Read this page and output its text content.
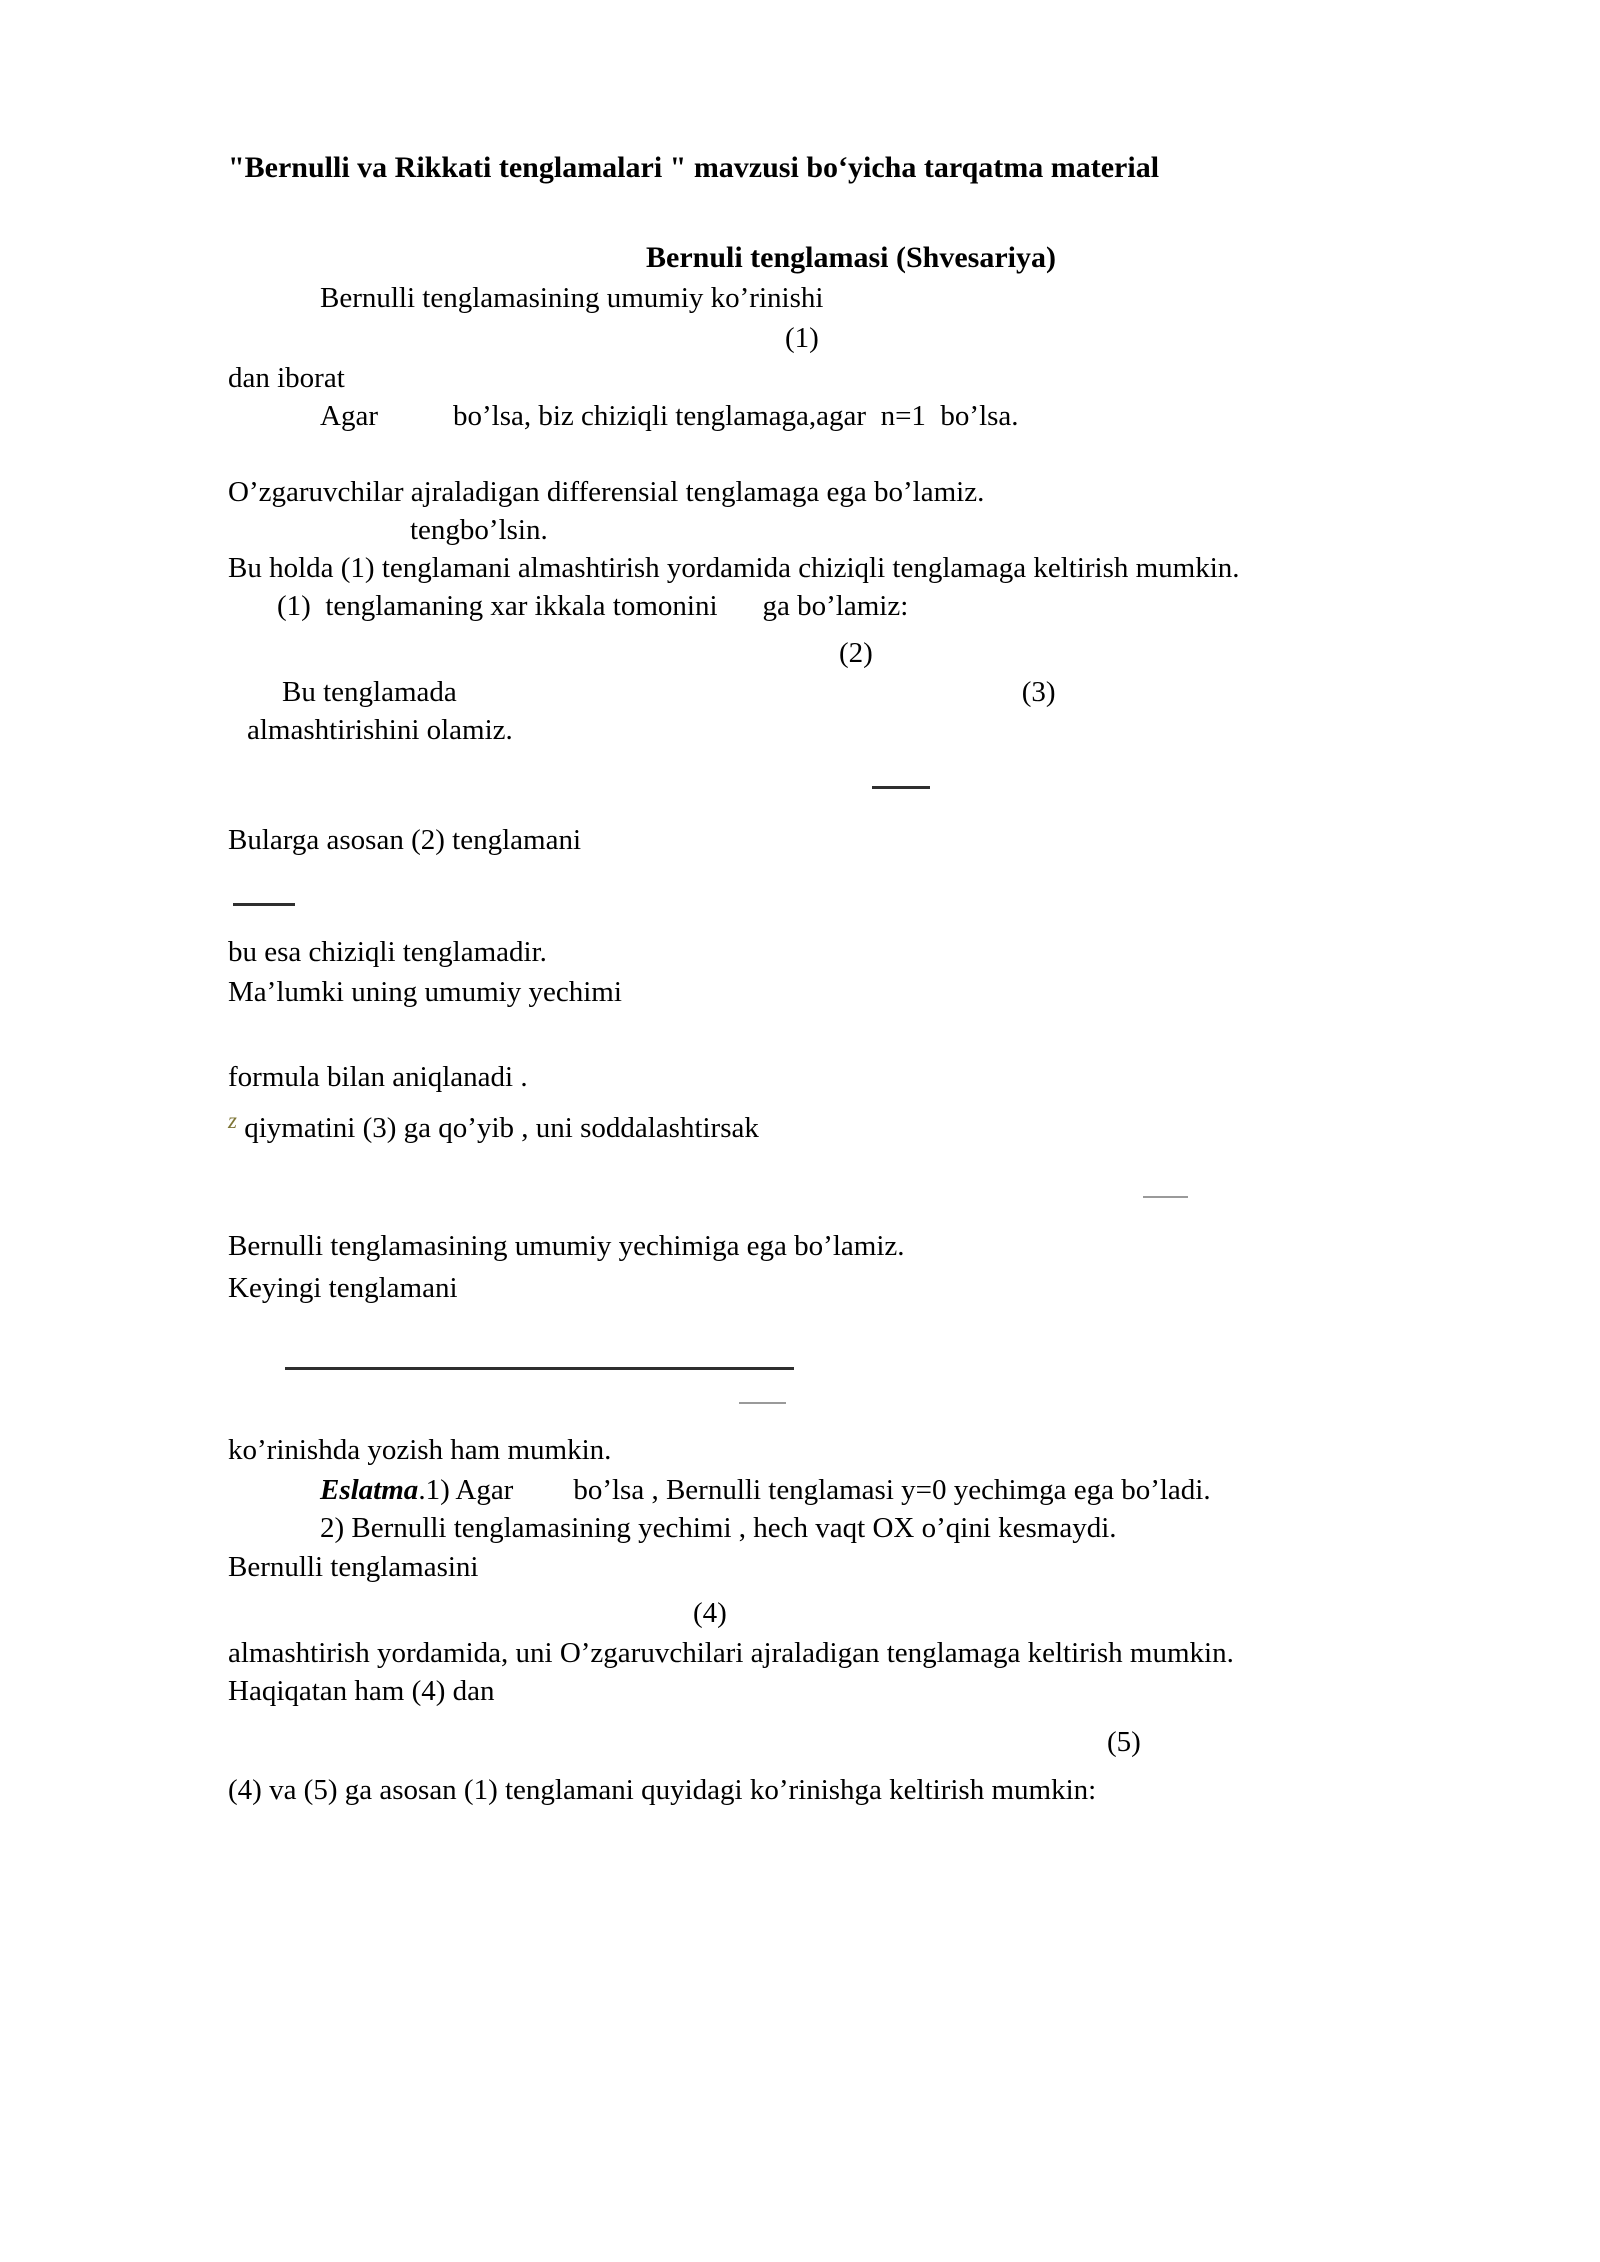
"Bernulli va Rikkati tenglamalari " mavzusi boʻyicha tarqatma material
Bernuli tenglamasi (Shvesariya)
Bernulli tenglamasining umumiy ko’rinishi
(1)
dan iborat
Agar	bo’lsa, biz chiziqli tenglamaga,agar  n=1  bo’lsa.
O’zgaruvchilar ajraladigan differensial tenglamaga ega bo’lamiz.
tengbo’lsin.
Bu holda (1) tenglamani almashtirish yordamida chiziqli tenglamaga keltirish mumkin.
(1)  tenglamaning xar ikkala tomonini ga bo’lamiz:
(2)
Bu tenglamada	(3)
almashtirishini olamiz.
Bularga asosan (2) tenglamani
bu esa chiziqli tenglamadir.
Ma’lumki uning umumiy yechimi
formula bilan aniqlanadi .
$^z$ qiymatini (3) ga qo’yib , uni soddalashtirsak
Bernulli tenglamasining umumiy yechimiga ega bo’lamiz.
Keyingi tenglamani
ko’rinishda yozish ham mumkin.
Eslatma.1) Agar bo’lsa , Bernulli tenglamasi y=0 yechimga ega bo’ladi.
2) Bernulli tenglamasining yechimi , hech vaqt OX o’qini kesmaydi.
Bernulli tenglamasini
(4)
almashtirish yordamida, uni O’zgaruvchilari ajraladigan tenglamaga keltirish mumkin.
Haqiqatan ham (4) dan
(5)
(4) va (5) ga asosan (1) tenglamani quyidagi ko’rinishga keltirish mumkin:
